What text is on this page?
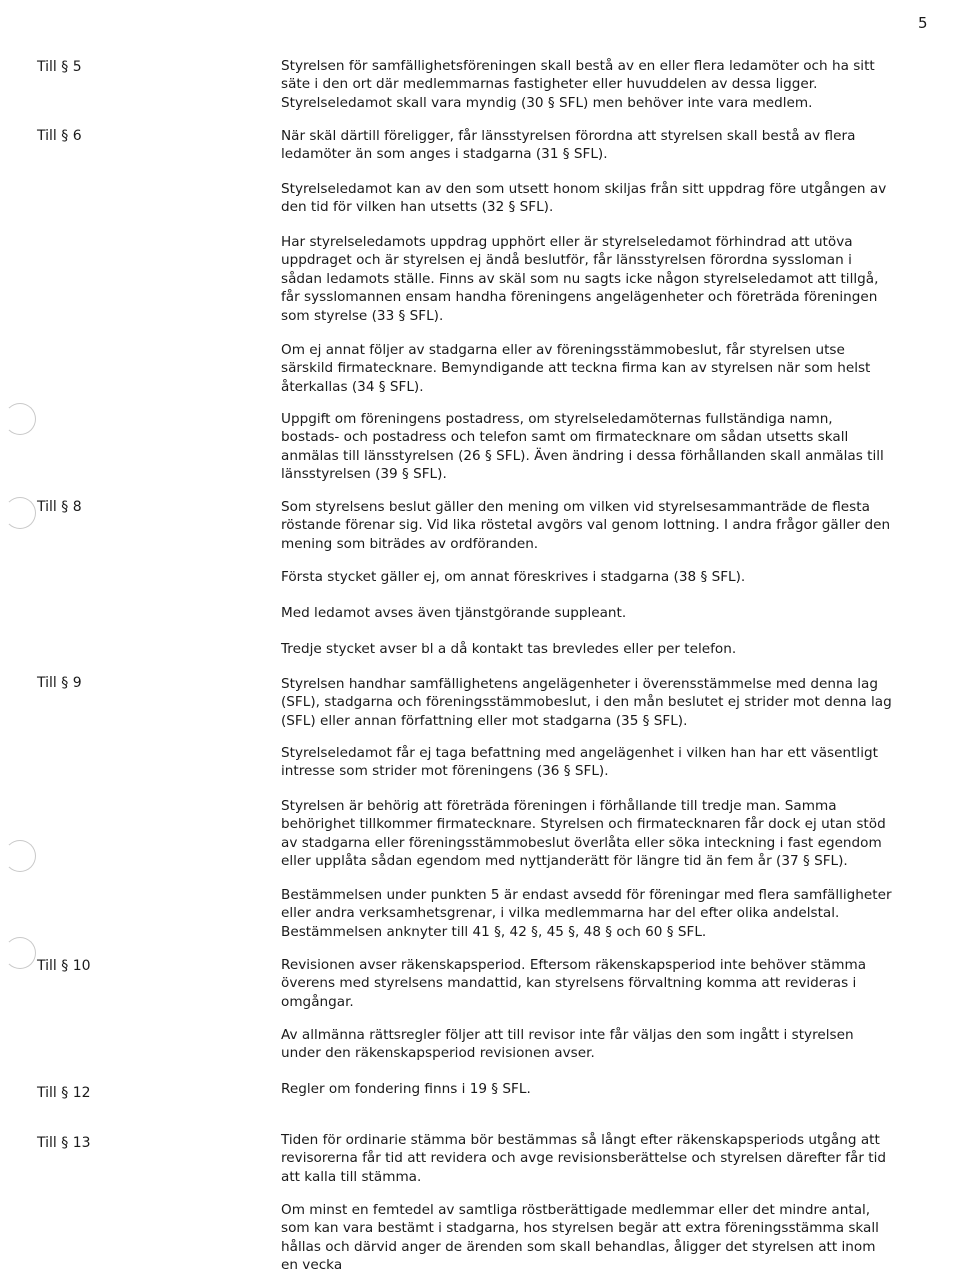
5
Till § 5
Till § 6
Till § 8
Till § 9
Till § 10
Till § 12
Till § 13
Styrelsen för samfällighetsföreningen skall bestå av en eller flera ledamöter och ha sitt säte i den ort där medlemmarnas fastigheter eller huvuddelen av dessa ligger. Styrelseledamot skall vara myndig (30 § SFL) men behöver inte vara medlem.
När skäl därtill föreligger, får länsstyrelsen förordna att styrelsen skall bestå av flera ledamöter än som anges i stadgarna (31 § SFL).
Styrelseledamot kan av den som utsett honom skiljas från sitt uppdrag före utgången av den tid för vilken han utsetts (32 § SFL).
Har styrelseledamots uppdrag upphört eller är styrelseledamot förhindrad att utöva uppdraget och är styrelsen ej ändå beslutför, får länsstyrelsen förordna syssloman i sådan ledamots ställe. Finns av skäl som nu sagts icke någon styrelseledamot att tillgå, får sysslomannen ensam handha föreningens angelägenheter och företräda föreningen som styrelse (33 § SFL).
Om ej annat följer av stadgarna eller av föreningsstämmobeslut, får styrelsen utse särskild firmatecknare. Bemyndigande att teckna firma kan av styrelsen när som helst återkallas (34 § SFL).
Uppgift om föreningens postadress, om styrelseledamöternas fullständiga namn, bostads- och postadress och telefon samt om firmatecknare om sådan utsetts skall anmälas till länsstyrelsen (26 § SFL). Även ändring i dessa förhållanden skall anmälas till länsstyrelsen (39 § SFL).
Som styrelsens beslut gäller den mening om vilken vid styrelsesammanträde de flesta röstande förenar sig. Vid lika röstetal avgörs val genom lottning. I andra frågor gäller den mening som biträdes av ordföranden.
Första stycket gäller ej, om annat föreskrives i stadgarna (38 § SFL).
Med ledamot avses även tjänstgörande suppleant.
Tredje stycket avser bl a då kontakt tas brevledes eller per telefon.
Styrelsen handhar samfällighetens angelägenheter i överensstämmelse med denna lag (SFL), stadgarna och föreningsstämmobeslut, i den mån beslutet ej strider mot denna lag (SFL) eller annan författning eller mot stadgarna (35 § SFL).
Styrelseledamot får ej taga befattning med angelägenhet i vilken han har ett väsentligt intresse som strider mot föreningens (36 § SFL).
Styrelsen är behörig att företräda föreningen i förhållande till tredje man. Samma behörighet tillkommer firmatecknare. Styrelsen och firmatecknaren får dock ej utan stöd av stadgarna eller föreningsstämmobeslut överlåta eller söka inteckning i fast egendom eller upplåta sådan egendom med nyttjanderätt för längre tid än fem år (37 § SFL).
Bestämmelsen under punkten 5 är endast avsedd för föreningar med flera samfälligheter eller andra verksamhetsgrenar, i vilka medlemmarna har del efter olika andelstal. Bestämmelsen anknyter till 41 §, 42 §, 45 §, 48 § och 60 § SFL.
Revisionen avser räkenskapsperiod. Eftersom räkenskapsperiod inte behöver stämma överens med styrelsens mandattid, kan styrelsens förvaltning komma att revideras i omgångar.
Av allmänna rättsregler följer att till revisor inte får väljas den som ingått i styrelsen under den räkenskapsperiod revisionen avser.
Regler om fondering finns i 19 § SFL.
Tiden för ordinarie stämma bör bestämmas så långt efter räkenskapsperiods utgång att revisorerna får tid att revidera och avge revisionsberättelse och styrelsen därefter får tid att kalla till stämma.
Om minst en femtedel av samtliga röstberättigade medlemmar eller det mindre antal, som kan vara bestämt i stadgarna, hos styrelsen begär att extra föreningsstämma skall hållas och därvid anger de ärenden som skall behandlas, åligger det styrelsen att inom en vecka
